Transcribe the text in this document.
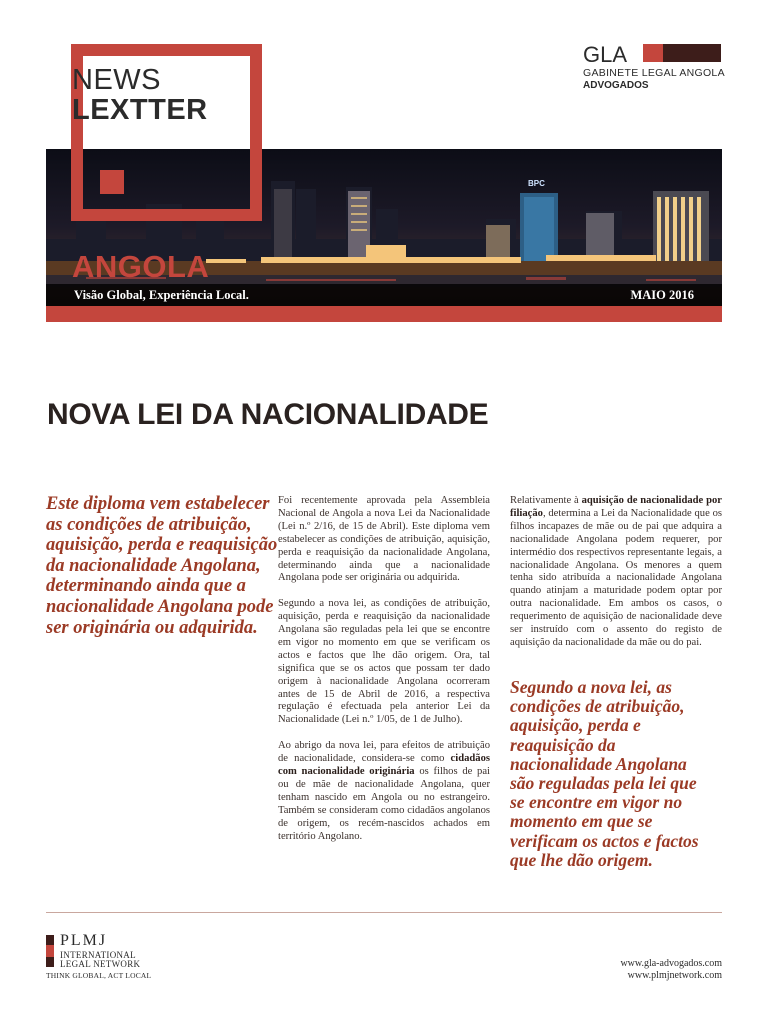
NEWS
LEXTTER
GLA
GABINETE LEGAL ANGOLA
ADVOGADOS
BPC
ANGOLA
Visão Global, Experiência Local.	MAIO 2016
NOVA LEI DA NACIONALIDADE
Este diploma vem estabelecer as condições de atribuição, aquisição, perda e reaquisição da nacionalidade Angolana, determinando ainda que a nacionalidade Angolana pode ser originária ou adquirida.

Foi recentemente aprovada pela Assembleia Nacional de Angola a nova Lei da Nacionalidade (Lei n.º 2/16, de 15 de Abril). Este diploma vem estabelecer as condições de atribuição, aquisição, perda e reaquisição da nacionalidade Angolana, determinando ainda que a nacionalidade Angolana pode ser originária ou adquirida.

Segundo a nova lei, as condições de atribuição, aquisição, perda e reaquisição da nacionalidade Angolana são reguladas pela lei que se encontre em vigor no momento em que se verificam os actos e factos que lhe dão origem. Ora, tal significa que se os actos que possam ter dado origem à nacionalidade Angolana ocorreram antes de 15 de Abril de 2016, a respectiva regulação é efectuada pela anterior Lei da Nacionalidade (Lei n.º 1/05, de 1 de Julho).

Ao abrigo da nova lei, para efeitos de atribuição de nacionalidade, considera-se como cidadãos com nacionalidade originária os filhos de pai ou de mãe de nacionalidade Angolana, quer tenham nascido em Angola ou no estrangeiro. Também se consideram como cidadãos angolanos de origem, os recém-nascidos achados em território Angolano.

Relativamente à aquisição de nacionalidade por filiação, determina a Lei da Nacionalidade que os filhos incapazes de mãe ou de pai que adquira a nacionalidade Angolana podem requerer, por intermédio dos respectivos representante legais, a nacionalidade Angolana. Os menores a quem tenha sido atribuída a nacionalidade Angolana quando atinjam a maturidade podem optar por outra nacionalidade. Em ambos os casos, o requerimento de aquisição de nacionalidade deve ser instruído com o assento do registo de aquisição da nacionalidade da mãe ou do pai.

Segundo a nova lei, as condições de atribuição, aquisição, perda e reaquisição da nacionalidade Angolana são reguladas pela lei que se encontre em vigor no momento em que se verificam os actos e factos que lhe dão origem.
PLMJ
INTERNATIONAL
LEGAL NETWORK
THINK GLOBAL, ACT LOCAL
www.gla-advogados.com
www.plmjnetwork.com
